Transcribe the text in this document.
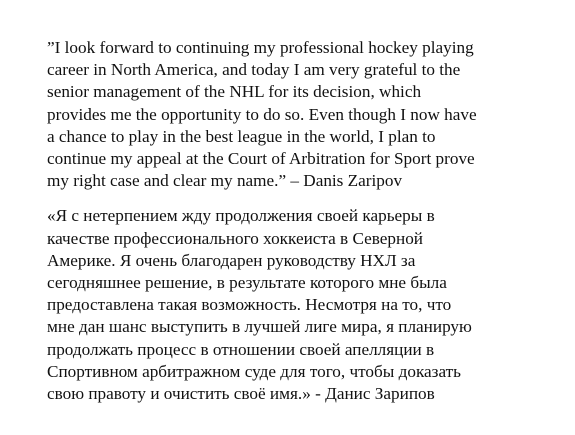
”I look forward to continuing my professional hockey playing
career in North America, and today I am very grateful to the
senior management of the NHL for its decision, which
provides me the opportunity to do so. Even though I now have
a chance to play in the best league in the world, I plan to
continue my appeal at the Court of Arbitration for Sport prove
my right case and clear my name.” – Danis Zaripov

«Я с нетерпением жду продолжения своей карьеры в
качестве профессионального хоккеиста в Северной
Америке. Я очень благодарен руководству НХЛ за
сегодняшнее решение, в результате которого мне была
предоставлена такая возможность. Несмотря на то, что
мне дан шанс выступить в лучшей лиге мира, я планирую
продолжать процесс в отношении своей апелляции в
Спортивном арбитражном суде для того, чтобы доказать
свою правоту и очистить своё имя.» - Данис Зарипов
